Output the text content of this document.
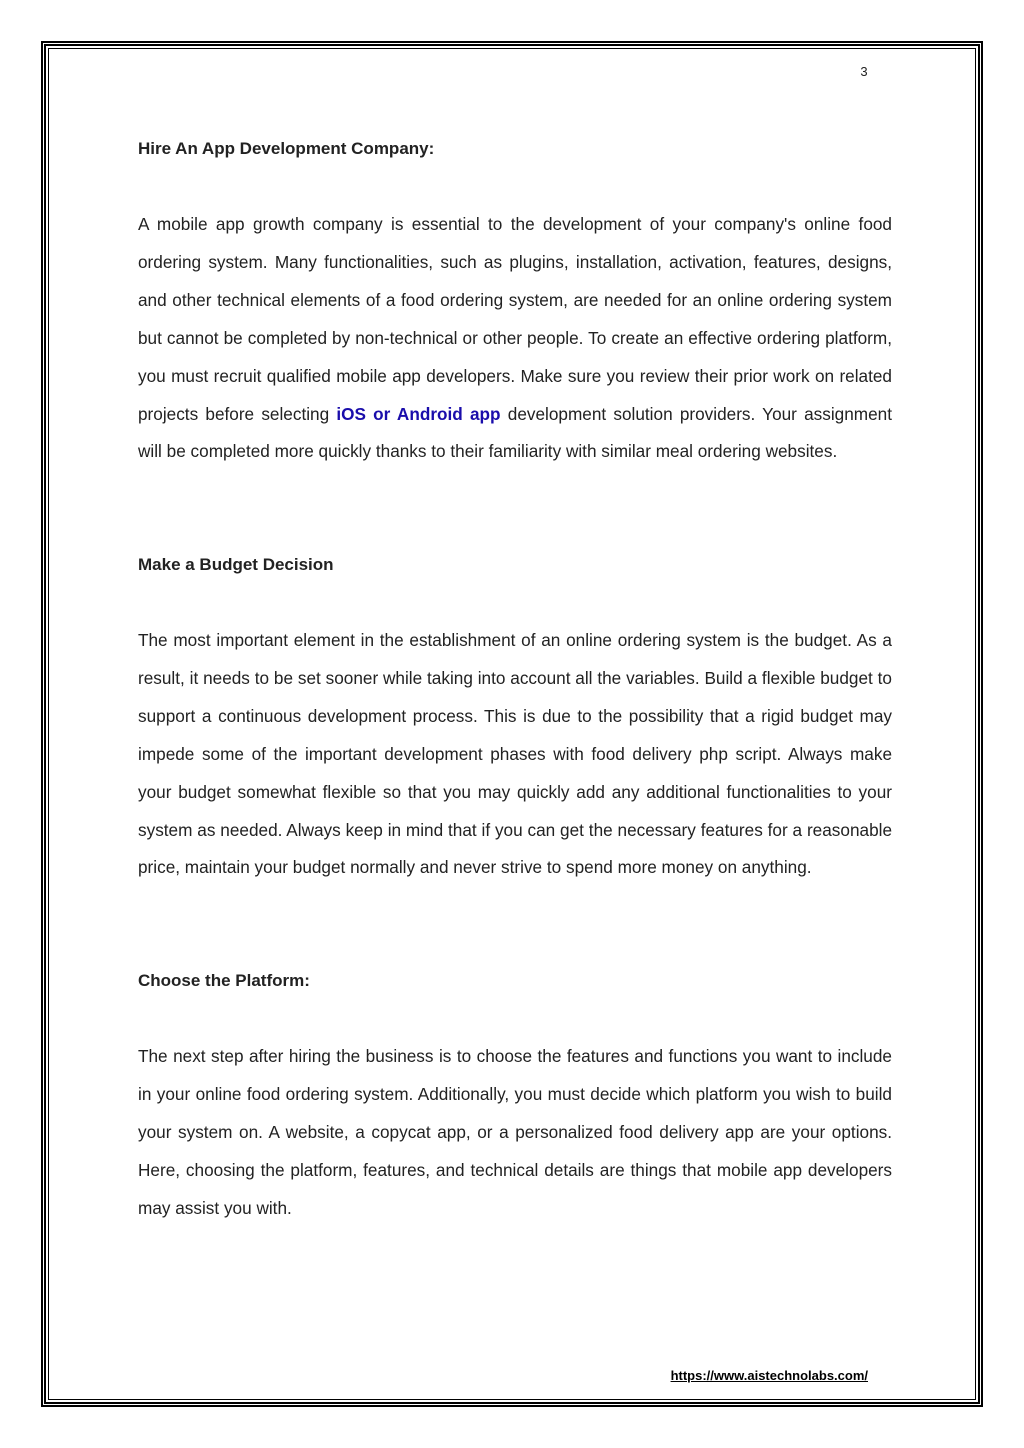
3
Hire An App Development Company:

A mobile app growth company is essential to the development of your company's online food ordering system. Many functionalities, such as plugins, installation, activation, features, designs, and other technical elements of a food ordering system, are needed for an online ordering system but cannot be completed by non-technical or other people. To create an effective ordering platform, you must recruit qualified mobile app developers. Make sure you review their prior work on related projects before selecting iOS or Android app development solution providers. Your assignment will be completed more quickly thanks to their familiarity with similar meal ordering websites.

Make a Budget Decision

The most important element in the establishment of an online ordering system is the budget. As a result, it needs to be set sooner while taking into account all the variables. Build a flexible budget to support a continuous development process. This is due to the possibility that a rigid budget may impede some of the important development phases with food delivery php script. Always make your budget somewhat flexible so that you may quickly add any additional functionalities to your system as needed. Always keep in mind that if you can get the necessary features for a reasonable price, maintain your budget normally and never strive to spend more money on anything.

Choose the Platform:

The next step after hiring the business is to choose the features and functions you want to include in your online food ordering system. Additionally, you must decide which platform you wish to build your system on. A website, a copycat app, or a personalized food delivery app are your options. Here, choosing the platform, features, and technical details are things that mobile app developers may assist you with.

https://www.aistechnolabs.com/
